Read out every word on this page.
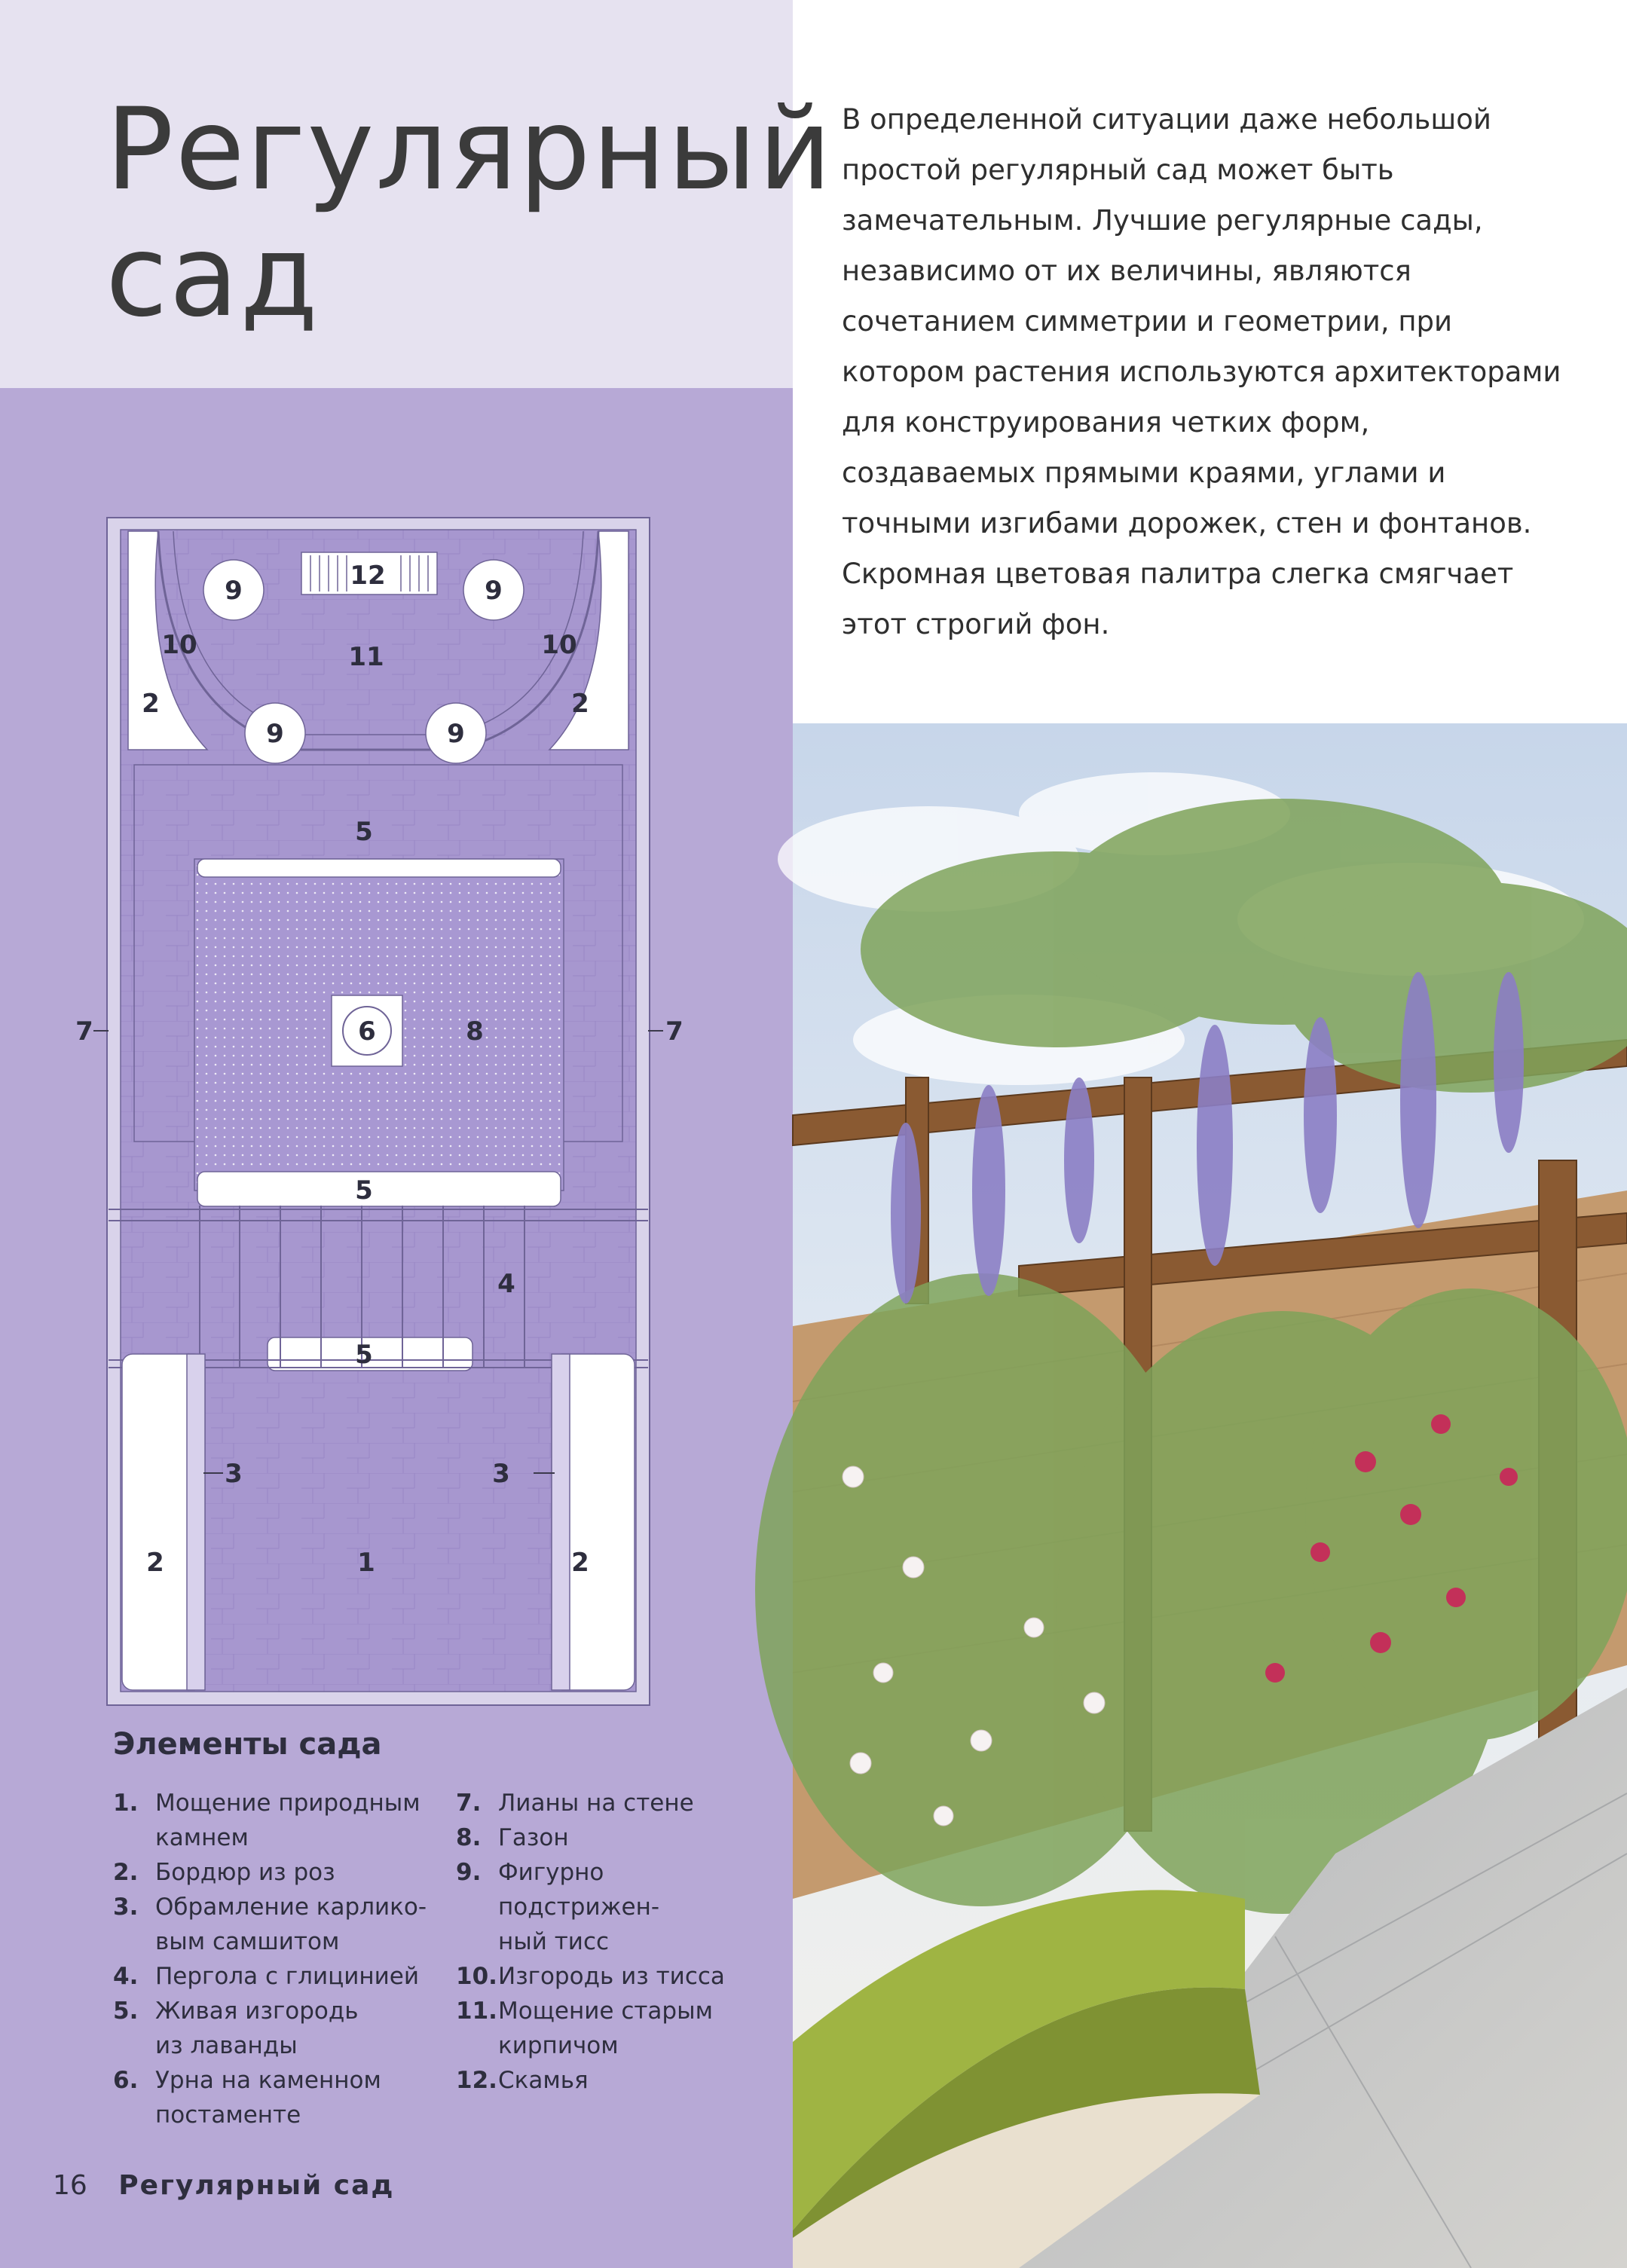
Регулярный
сад

В определенной ситуации даже небольшой простой регулярный сад может быть замечательным. Лучшие регулярные сады, независимо от их величины, являются сочетанием симметрии и геометрии, при котором растения используются архитекторами для конструирования четких форм, создаваемых прямыми краями, углами и точными изгибами дорожек, стен и фонтанов. Скромная цветовая палитра слегка смягчает этот строгий фон.

12
9	9
10	10
11
2	2
9	9
5
7	6	8	7
5
4
5
3	3
2	1	2
Элементы сада
1. Мощение природным
камнем
2. Бордюр из роз
3. Обрамление карлико-
вым самшитом
4. Пергола с глицинией
5. Живая изгородь
из лаванды
6. Урна на каменном
постаменте
7. Лианы на стене
8. Газон
9. Фигурно подстрижен-
ный тисс
10. Изгородь из тисса
11. Мощение старым
кирпичом
12. Скамья
16 Регулярный сад
